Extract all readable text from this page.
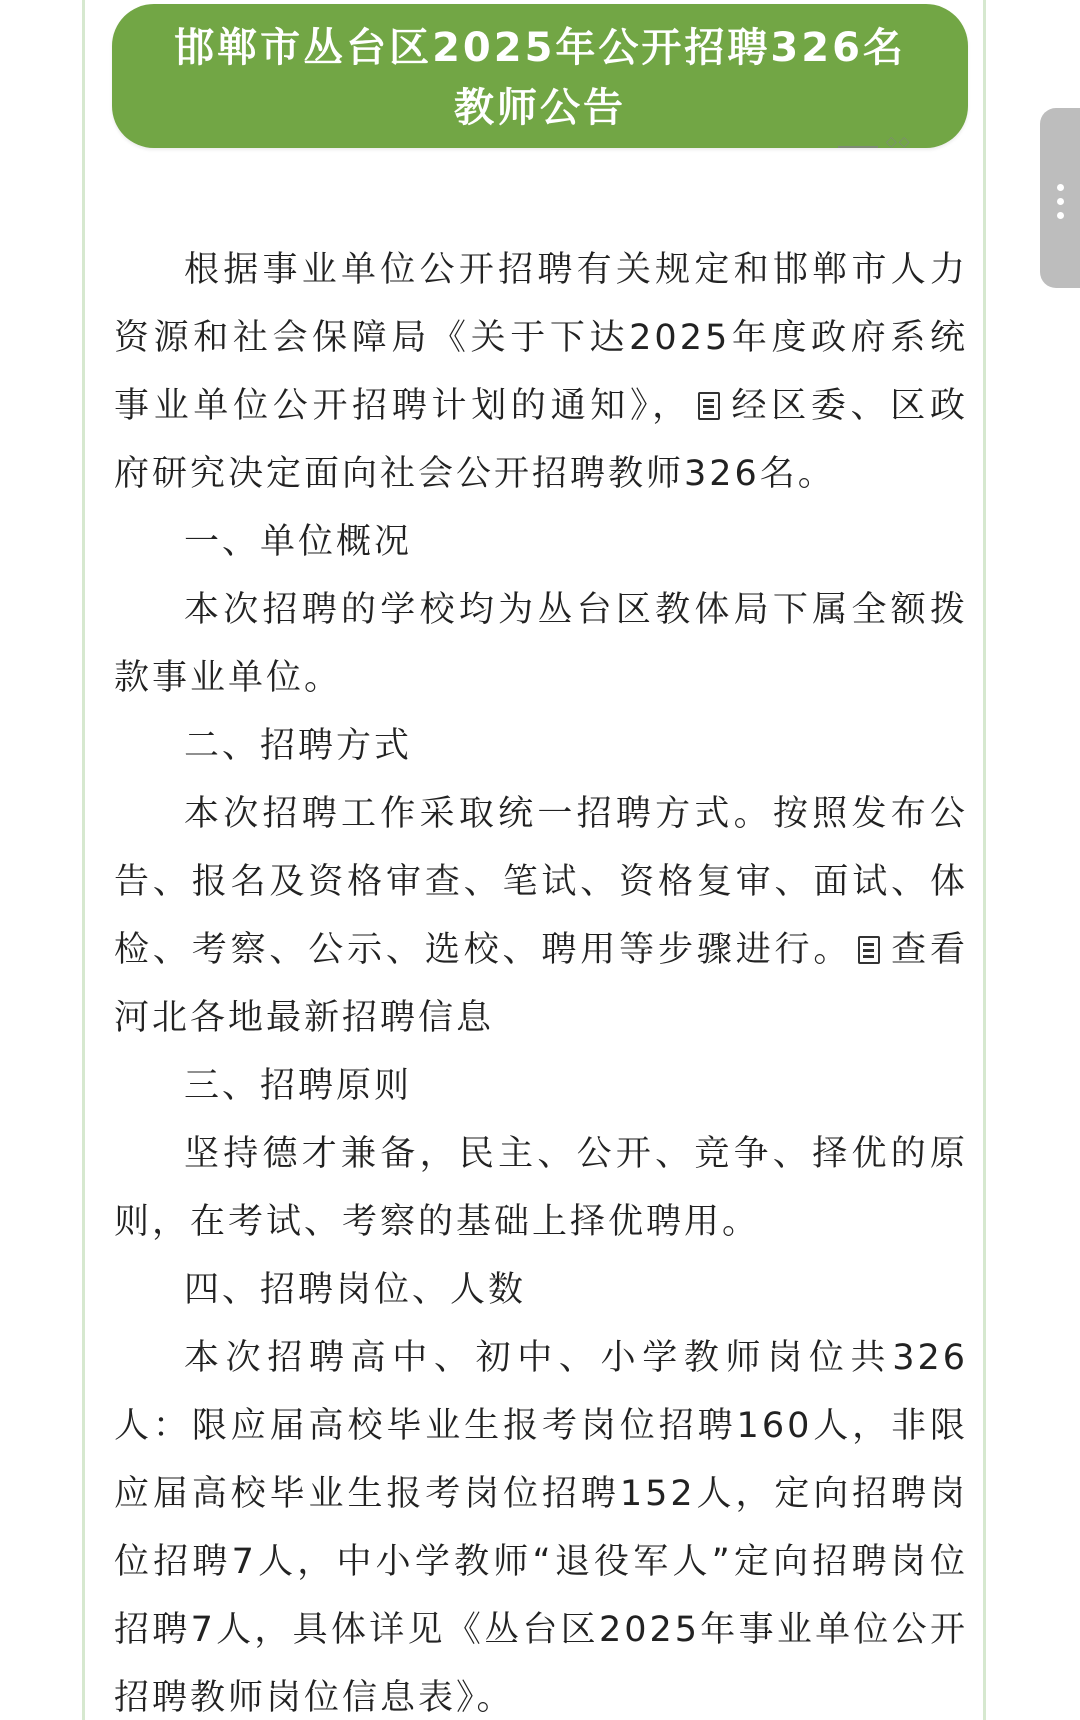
邯郸市丛台区2025年公开招聘326名
教师公告
◇◇

根据事业单位公开招聘有关规定和邯郸市人力资源和社会保障局《关于下达2025年度政府系统事业单位公开招聘计划的通知》， 经区委、区政府研究决定面向社会公开招聘教师326名。

一、单位概况

本次招聘的学校均为丛台区教体局下属全额拨款事业单位。

二、招聘方式

本次招聘工作采取统一招聘方式。按照发布公告、报名及资格审查、笔试、资格复审、面试、体检、考察、公示、选校、聘用等步骤进行。 查看河北各地最新招聘信息

三、招聘原则

坚持德才兼备，民主、公开、竞争、择优的原则，在考试、考察的基础上择优聘用。

四、招聘岗位、人数

本次招聘高中、初中、小学教师岗位共326人：限应届高校毕业生报考岗位招聘160人，非限应届高校毕业生报考岗位招聘152人，定向招聘岗位招聘7人，中小学教师“退役军人”定向招聘岗位招聘7人，具体详见《丛台区2025年事业单位公开招聘教师岗位信息表》。
